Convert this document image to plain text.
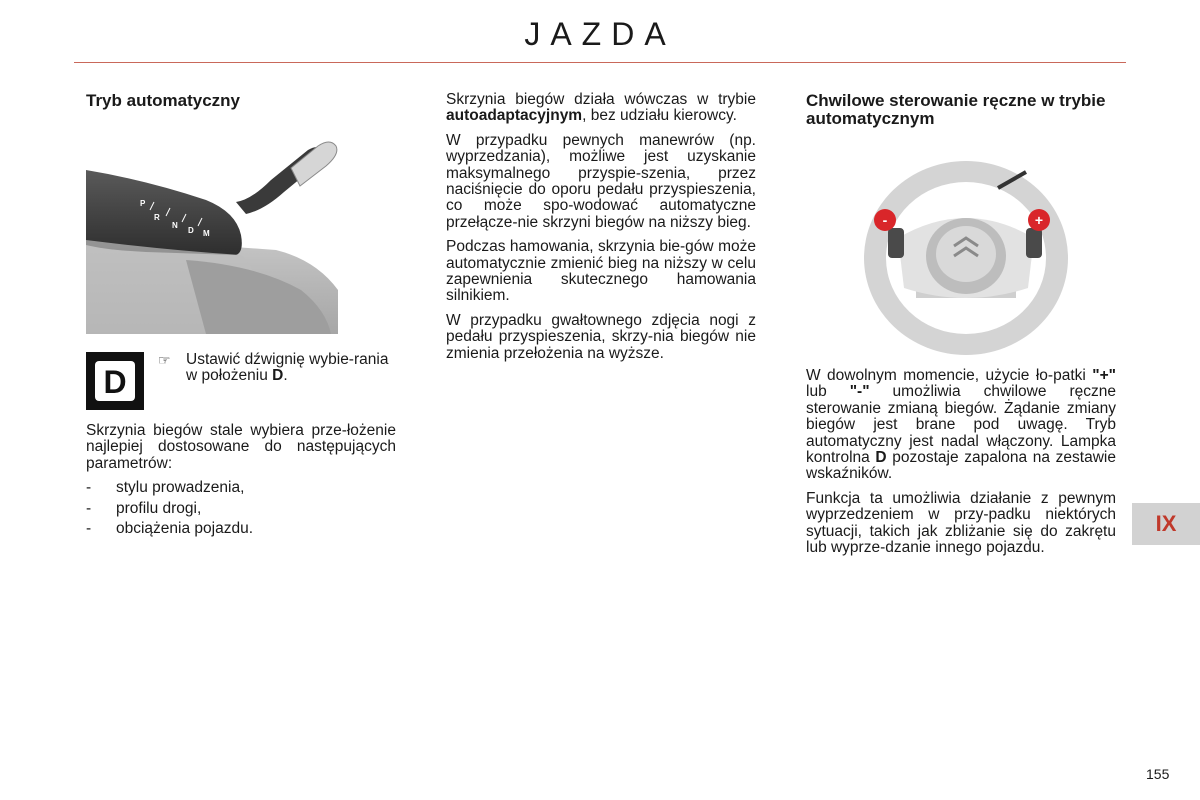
JAZDA
Tryb automatyczny
P
R
N
D M
D
☞ Ustawić dźwignię wybie-rania w położeniu D.

Skrzynia biegów stale wybiera prze-łożenie najlepiej dostosowane do następujących parametrów:

- stylu prowadzenia,
- profilu drogi,
- obciążenia pojazdu.

Skrzynia biegów działa wówczas w trybie autoadaptacyjnym, bez udziału kierowcy.

W przypadku pewnych manewrów (np. wyprzedzania), możliwe jest uzyskanie maksymalnego przyspie-szenia, przez naciśnięcie do oporu pedału przyspieszenia, co może spo-wodować automatyczne przełącze-nie skrzyni biegów na niższy bieg.

Podczas hamowania, skrzynia bie-gów może automatycznie zmienić bieg na niższy w celu zapewnienia skutecznego hamowania silnikiem.

W przypadku gwałtownego zdjęcia nogi z pedału przyspieszenia, skrzy-nia biegów nie zmienia przełożenia na wyższe.

Chwilowe sterowanie ręczne w trybie automatycznym
-	+

W dowolnym momencie, użycie ło-patki "+" lub "-" umożliwia chwilowe ręczne sterowanie zmianą biegów. Żądanie zmiany biegów jest brane pod uwagę. Tryb automatyczny jest nadal włączony. Lampka kontrolna D pozostaje zapalona na zestawie wskaźników.

Funkcja ta umożliwia działanie z pewnym wyprzedzeniem w przy-padku niektórych sytuacji, takich jak zbliżanie się do zakrętu lub wyprze-dzanie innego pojazdu.

IX
155
